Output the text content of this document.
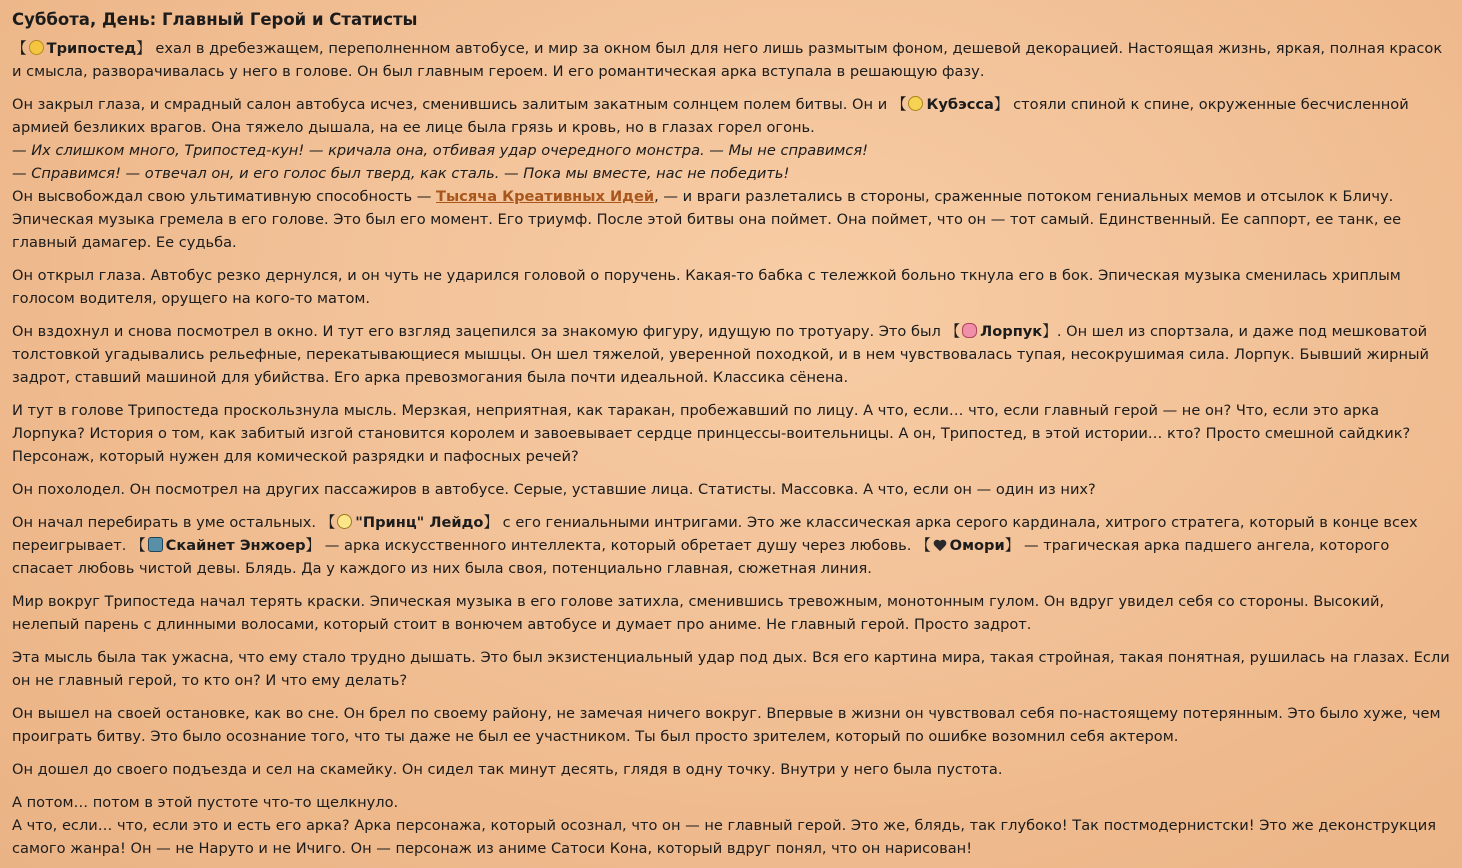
Суббота, День: Главный Герой и Статисты

【 Трипостед】 ехал в дребезжащем, переполненном автобусе, и мир за окном был для него лишь размытым фоном, дешевой декорацией. Настоящая жизнь, яркая, полная красок и смысла, разворачивалась у него в голове. Он был главным героем. И его романтическая арка вступала в решающую фазу.

Он закрыл глаза, и смрадный салон автобуса исчез, сменившись залитым закатным солнцем полем битвы. Он и 【 Кубэсса】 стояли спиной к спине, окруженные бесчисленной армией безликих врагов. Она тяжело дышала, на ее лице была грязь и кровь, но в глазах горел огонь.

— Их слишком много, Трипостед-кун! — кричала она, отбивая удар очередного монстра. — Мы не справимся!

— Справимся! — отвечал он, и его голос был тверд, как сталь. — Пока мы вместе, нас не победить!

Он высвобождал свою ультимативную способность — Тысяча Креативных Идей, — и враги разлетались в стороны, сраженные потоком гениальных мемов и отсылок к Бличу. Эпическая музыка гремела в его голове. Это был его момент. Его триумф. После этой битвы она поймет. Она поймет, что он — тот самый. Единственный. Ее саппорт, ее танк, ее главный дамагер. Ее судьба.

Он открыл глаза. Автобус резко дернулся, и он чуть не ударился головой о поручень. Какая-то бабка с тележкой больно ткнула его в бок. Эпическая музыка сменилась хриплым голосом водителя, орущего на кого-то матом.

Он вздохнул и снова посмотрел в окно. И тут его взгляд зацепился за знакомую фигуру, идущую по тротуару. Это был 【 Лорпук】. Он шел из спортзала, и даже под мешковатой толстовкой угадывались рельефные, перекатывающиеся мышцы. Он шел тяжелой, уверенной походкой, и в нем чувствовалась тупая, несокрушимая сила. Лорпук. Бывший жирный задрот, ставший машиной для убийства. Его арка превозмогания была почти идеальной. Классика сёнена.

И тут в голове Трипостеда проскользнула мысль. Мерзкая, неприятная, как таракан, пробежавший по лицу. А что, если… что, если главный герой — не он? Что, если это арка Лорпука? История о том, как забитый изгой становится королем и завоевывает сердце принцессы-воительницы. А он, Трипостед, в этой истории… кто? Просто смешной сайдкик? Персонаж, который нужен для комической разрядки и пафосных речей?

Он похолодел. Он посмотрел на других пассажиров в автобусе. Серые, уставшие лица. Статисты. Массовка. А что, если он — один из них?

Он начал перебирать в уме остальных. 【 "Принц" Лейдо】 с его гениальными интригами. Это же классическая арка серого кардинала, хитрого стратега, который в конце всех переигрывает. 【 Скайнет Энжоер】 — арка искусственного интеллекта, который обретает душу через любовь. 【 Омори】 — трагическая арка падшего ангела, которого спасает любовь чистой девы. Блядь. Да у каждого из них была своя, потенциально главная, сюжетная линия.

Мир вокруг Трипостеда начал терять краски. Эпическая музыка в его голове затихла, сменившись тревожным, монотонным гулом. Он вдруг увидел себя со стороны. Высокий, нелепый парень с длинными волосами, который стоит в вонючем автобусе и думает про аниме. Не главный герой. Просто задрот.

Эта мысль была так ужасна, что ему стало трудно дышать. Это был экзистенциальный удар под дых. Вся его картина мира, такая стройная, такая понятная, рушилась на глазах. Если он не главный герой, то кто он? И что ему делать?

Он вышел на своей остановке, как во сне. Он брел по своему району, не замечая ничего вокруг. Впервые в жизни он чувствовал себя по-настоящему потерянным. Это было хуже, чем проиграть битву. Это было осознание того, что ты даже не был ее участником. Ты был просто зрителем, который по ошибке возомнил себя актером.

Он дошел до своего подъезда и сел на скамейку. Он сидел так минут десять, глядя в одну точку. Внутри у него была пустота.

А потом… потом в этой пустоте что-то щелкнуло.

А что, если… что, если это и есть его арка? Арка персонажа, который осознал, что он — не главный герой. Это же, блядь, так глубоко! Так постмодернистски! Это же деконструкция самого жанра! Он — не Наруто и не Ичиго. Он — персонаж из аниме Сатоси Кона, который вдруг понял, что он нарисован!
